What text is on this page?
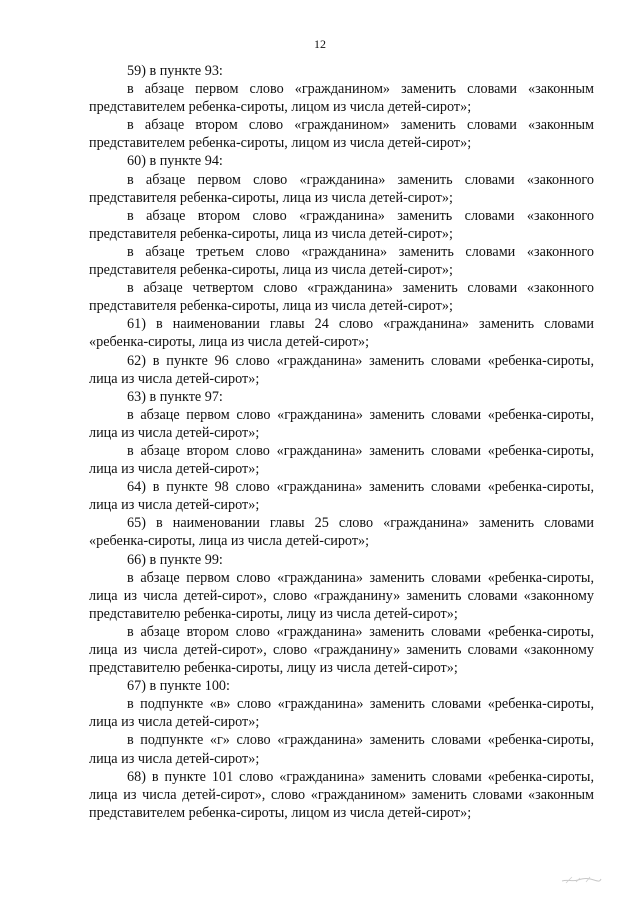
12

59) в пункте 93:

в абзаце первом слово «гражданином» заменить словами «законным представителем ребенка-сироты, лицом из числа детей-сирот»;

в абзаце втором слово «гражданином» заменить словами «законным представителем ребенка-сироты, лицом из числа детей-сирот»;

60) в пункте 94:

в абзаце первом слово «гражданина» заменить словами «законного представителя ребенка-сироты, лица из числа детей-сирот»;

в абзаце втором слово «гражданина» заменить словами «законного представителя ребенка-сироты, лица из числа детей-сирот»;

в абзаце третьем слово «гражданина» заменить словами «законного представителя ребенка-сироты, лица из числа детей-сирот»;

в абзаце четвертом слово «гражданина» заменить словами «законного представителя ребенка-сироты, лица из числа детей-сирот»;

61) в наименовании главы 24 слово «гражданина» заменить словами «ребенка-сироты, лица из числа детей-сирот»;

62) в пункте 96 слово «гражданина» заменить словами «ребенка-сироты, лица из числа детей-сирот»;

63) в пункте 97:

в абзаце первом слово «гражданина» заменить словами «ребенка-сироты, лица из числа детей-сирот»;

в абзаце втором слово «гражданина» заменить словами «ребенка-сироты, лица из числа детей-сирот»;

64) в пункте 98 слово «гражданина» заменить словами «ребенка-сироты, лица из числа детей-сирот»;

65) в наименовании главы 25 слово «гражданина» заменить словами «ребенка-сироты, лица из числа детей-сирот»;

66) в пункте 99:

в абзаце первом слово «гражданина» заменить словами «ребенка-сироты, лица из числа детей-сирот», слово «гражданину» заменить словами «законному представителю ребенка-сироты, лицу из числа детей-сирот»;

в абзаце втором слово «гражданина» заменить словами «ребенка-сироты, лица из числа детей-сирот», слово «гражданину» заменить словами «законному представителю ребенка-сироты, лицу из числа детей-сирот»;

67) в пункте 100:

в подпункте «в» слово «гражданина» заменить словами «ребенка-сироты, лица из числа детей-сирот»;

в подпункте «г» слово «гражданина» заменить словами «ребенка-сироты, лица из числа детей-сирот»;

68) в пункте 101 слово «гражданина» заменить словами «ребенка-сироты, лица из числа детей-сирот», слово «гражданином» заменить словами «законным представителем ребенка-сироты, лицом из числа детей-сирот»;
